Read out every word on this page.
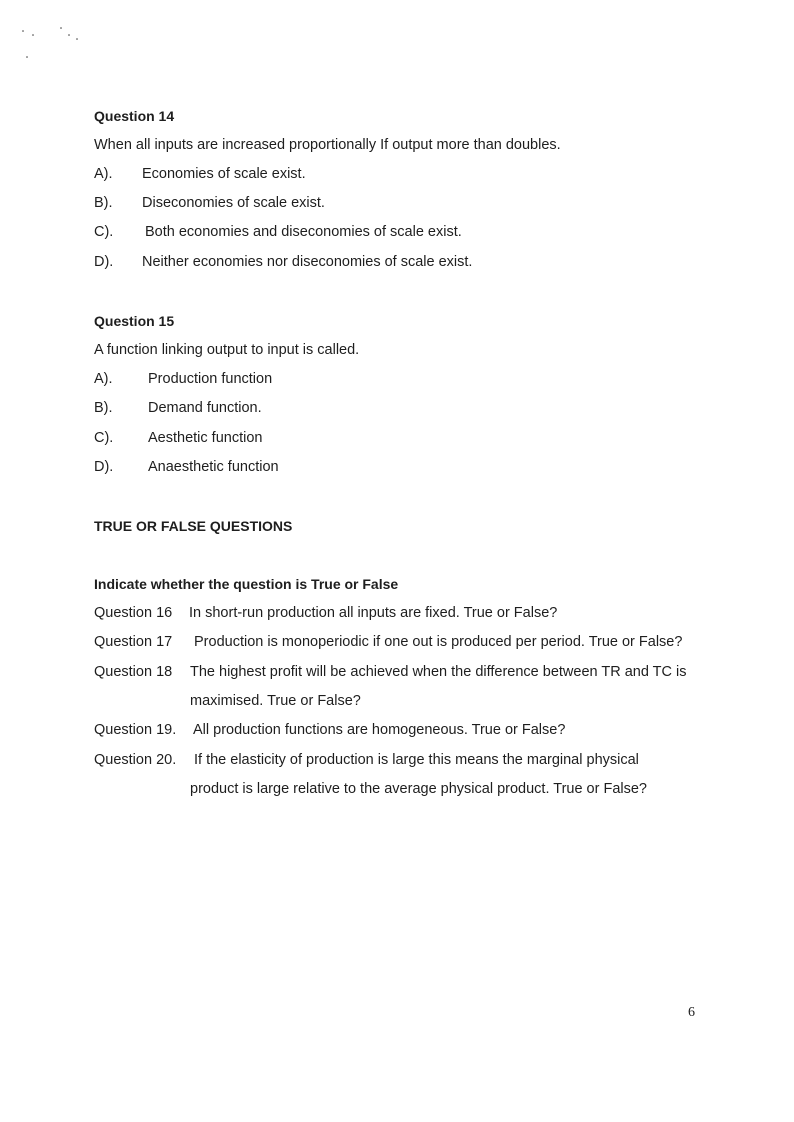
Question 14
When all inputs are increased proportionally If output more than doubles.
A). Economies of scale exist.
B). Diseconomies of scale exist.
C). Both economies and diseconomies of scale exist.
D). Neither economies nor diseconomies of scale exist.
Question 15
A function linking output to input is called.
A). Production function
B). Demand function.
C). Aesthetic function
D). Anaesthetic function
TRUE OR FALSE QUESTIONS
Indicate whether the question is True or False
Question 16 In short-run production all inputs are fixed. True or False?
Question 17 Production is monoperiodic if one out is produced per period. True or False?
Question 18 The highest profit will be achieved when the difference between TR and TC is
maximised. True or False?
Question 19. All production functions are homogeneous. True or False?
Question 20. If the elasticity of production is large this means the marginal physical
product is large relative to the average physical product. True or False?
6
